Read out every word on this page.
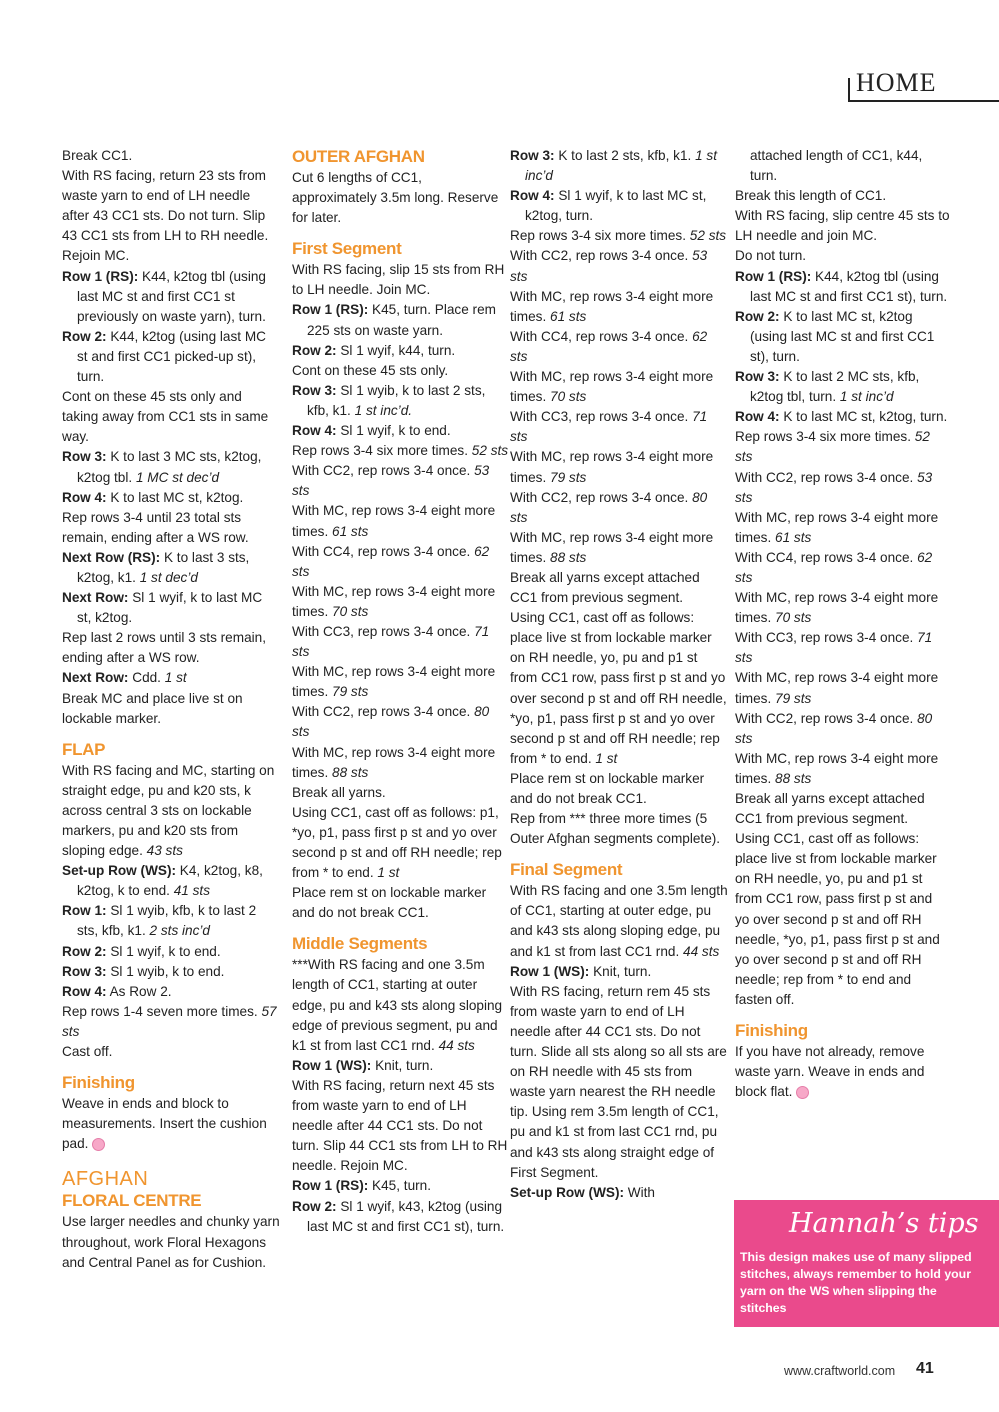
HOME

Break CC1.

With RS facing, return 23 sts from waste yarn to end of LH needle after 43 CC1 sts. Do not turn. Slip 43 CC1 sts from LH to RH needle. Rejoin MC.

Row 1 (RS): K44, k2tog tbl (using last MC st and first CC1 st previously on waste yarn), turn.

Row 2: K44, k2tog (using last MC st and first CC1 picked-up st), turn.

Cont on these 45 sts only and taking away from CC1 sts in same way.

Row 3: K to last 3 MC sts, k2tog, k2tog tbl. 1 MC st dec’d

Row 4: K to last MC st, k2tog.

Rep rows 3-4 until 23 total sts remain, ending after a WS row.

Next Row (RS): K to last 3 sts, k2tog, k1. 1 st dec’d

Next Row: Sl 1 wyif, k to last MC st, k2tog.

Rep last 2 rows until 3 sts remain, ending after a WS row.

Next Row: Cdd. 1 st

Break MC and place live st on lockable marker.

FLAP

With RS facing and MC, starting on straight edge, pu and k20 sts, k across central 3 sts on lockable markers, pu and k20 sts from sloping edge. 43 sts

Set-up Row (WS): K4, k2tog, k8, k2tog, k to end. 41 sts

Row 1: Sl 1 wyib, kfb, k to last 2 sts, kfb, k1. 2 sts inc’d

Row 2: Sl 1 wyif, k to end.

Row 3: Sl 1 wyib, k to end.

Row 4: As Row 2.

Rep rows 1-4 seven more times. 57 sts

Cast off.

Finishing

Weave in ends and block to measurements. Insert the cushion pad.

AFGHAN
FLORAL CENTRE

Use larger needles and chunky yarn throughout, work Floral Hexagons and Central Panel as for Cushion.

OUTER AFGHAN

Cut 6 lengths of CC1, approximately 3.5m long. Reserve for later.

First Segment

With RS facing, slip 15 sts from RH to LH needle. Join MC.

Row 1 (RS): K45, turn. Place rem 225 sts on waste yarn.

Row 2: Sl 1 wyif, k44, turn.

Cont on these 45 sts only.

Row 3: Sl 1 wyib, k to last 2 sts, kfb, k1. 1 st inc’d.

Row 4: Sl 1 wyif, k to end.

Rep rows 3-4 six more times. 52 sts

With CC2, rep rows 3-4 once. 53 sts

With MC, rep rows 3-4 eight more times. 61 sts

With CC4, rep rows 3-4 once. 62 sts

With MC, rep rows 3-4 eight more times. 70 sts

With CC3, rep rows 3-4 once. 71 sts

With MC, rep rows 3-4 eight more times. 79 sts

With CC2, rep rows 3-4 once. 80 sts

With MC, rep rows 3-4 eight more times. 88 sts

Break all yarns.

Using CC1, cast off as follows: p1, *yo, p1, pass first p st and yo over second p st and off RH needle; rep from * to end. 1 st

Place rem st on lockable marker and do not break CC1.

Middle Segments

***With RS facing and one 3.5m length of CC1, starting at outer edge, pu and k43 sts along sloping edge of previous segment, pu and k1 st from last CC1 rnd. 44 sts

Row 1 (WS): Knit, turn.

With RS facing, return next 45 sts from waste yarn to end of LH needle after 44 CC1 sts. Do not turn. Slip 44 CC1 sts from LH to RH needle. Rejoin MC.

Row 1 (RS): K45, turn.

Row 2: Sl 1 wyif, k43, k2tog (using last MC st and first CC1 st), turn.

Row 3: K to last 2 sts, kfb, k1. 1 st inc’d

Row 4: Sl 1 wyif, k to last MC st, k2tog, turn.

Rep rows 3-4 six more times. 52 sts

With CC2, rep rows 3-4 once. 53 sts

With MC, rep rows 3-4 eight more times. 61 sts

With CC4, rep rows 3-4 once. 62 sts

With MC, rep rows 3-4 eight more times. 70 sts

With CC3, rep rows 3-4 once. 71 sts

With MC, rep rows 3-4 eight more times. 79 sts

With CC2, rep rows 3-4 once. 80 sts

With MC, rep rows 3-4 eight more times. 88 sts

Break all yarns except attached CC1 from previous segment.

Using CC1, cast off as follows: place live st from lockable marker on RH needle, yo, pu and p1 st from CC1 row, pass first p st and yo over second p st and off RH needle, *yo, p1, pass first p st and yo over second p st and off RH needle; rep from * to end. 1 st

Place rem st on lockable marker and do not break CC1.

Rep from *** three more times (5 Outer Afghan segments complete).

Final Segment

With RS facing and one 3.5m length of CC1, starting at outer edge, pu and k43 sts along sloping edge, pu and k1 st from last CC1 rnd. 44 sts

Row 1 (WS): Knit, turn.

With RS facing, return rem 45 sts from waste yarn to end of LH needle after 44 CC1 sts. Do not turn. Slide all sts along so all sts are on RH needle with 45 sts from waste yarn nearest the RH needle tip. Using rem 3.5m length of CC1, pu and k1 st from last CC1 rnd, pu and k43 sts along straight edge of First Segment.

Set-up Row (WS): With

attached length of CC1, k44, turn.

Break this length of CC1.

With RS facing, slip centre 45 sts to LH needle and join MC.

Do not turn.

Row 1 (RS): K44, k2tog tbl (using last MC st and first CC1 st), turn.

Row 2: K to last MC st, k2tog (using last MC st and first CC1 st), turn.

Row 3: K to last 2 MC sts, kfb, k2tog tbl, turn. 1 st inc’d

Row 4: K to last MC st, k2tog, turn.

Rep rows 3-4 six more times. 52 sts

With CC2, rep rows 3-4 once. 53 sts

With MC, rep rows 3-4 eight more times. 61 sts

With CC4, rep rows 3-4 once. 62 sts

With MC, rep rows 3-4 eight more times. 70 sts

With CC3, rep rows 3-4 once. 71 sts

With MC, rep rows 3-4 eight more times. 79 sts

With CC2, rep rows 3-4 once. 80 sts

With MC, rep rows 3-4 eight more times. 88 sts

Break all yarns except attached CC1 from previous segment.

Using CC1, cast off as follows: place live st from lockable marker on RH needle, yo, pu and p1 st from CC1 row, pass first p st and yo over second p st and off RH needle, *yo, p1, pass first p st and yo over second p st and off RH needle; rep from * to end and fasten off.

Finishing

If you have not already, remove waste yarn. Weave in ends and block flat.

Hannah’s tips
This design makes use of many slipped stitches, always remember to hold your yarn on the WS when slipping the stitches
www.craftworld.com 41
